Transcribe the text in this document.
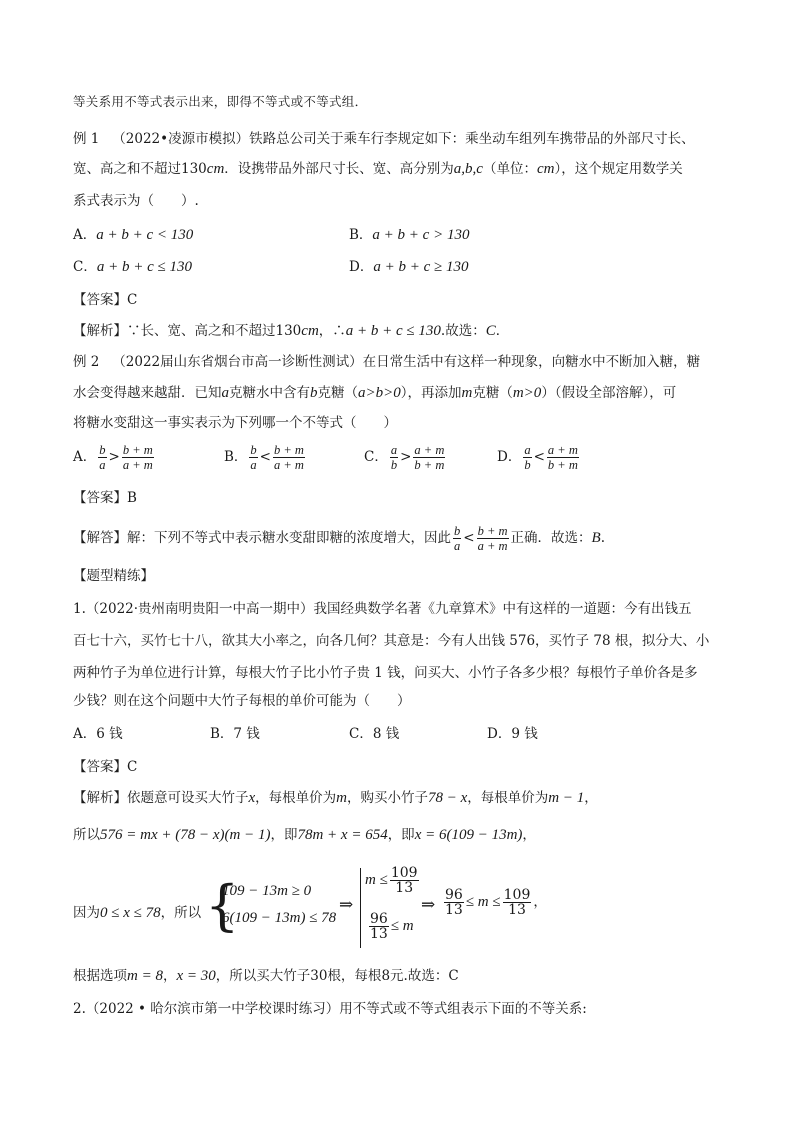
等关系用不等式表示出来，即得不等式或不等式组．
例 1 （2022•凌源市模拟）铁路总公司关于乘车行李规定如下：乘坐动车组列车携带品的外部尺寸长、
宽、高之和不超过130cm．设携带品外部尺寸长、宽、高分别为a,b,c（单位：cm），这个规定用数学关
系式表示为（　　）.
A．a + b + c < 130	B．a + b + c > 130
C．a + b + c ≤ 130	D．a + b + c ≥ 130
【答案】C
【解析】∵长、宽、高之和不超过130cm，∴a + b + c ≤ 130.故选：C．
例 2 （2022届山东省烟台市高一诊断性测试）在日常生活中有这样一种现象，向糖水中不断加入糖，糖
水会变得越来越甜．已知a克糖水中含有b克糖（a>b>0），再添加m克糖（m>0）（假设全部溶解），可
将糖水变甜这一事实表示为下列哪一个不等式（　　）
A． $\frac{b}{a} > \frac{b + m}{a + m}$	B． $\frac{b}{a} < \frac{b + m}{a + m}$	C． $\frac{a}{b} > \frac{a + m}{b + m}$	D． $\frac{a}{b} < \frac{a + m}{b + m}$
【答案】B
【解答】解：下列不等式中表示糖水变甜即糖的浓度增大，因此 $\frac{b}{a} < \frac{b + m}{a + m}$ 正确．故选：B.
【题型精练】
1.（2022·贵州南明贵阳一中高一期中）我国经典数学名著《九章算术》中有这样的一道题：今有出钱五
百七十六，买竹七十八，欲其大小率之，向各几何？其意是：今有人出钱 576，买竹子 78 根，拟分大、小
两种竹子为单位进行计算，每根大竹子比小竹子贵 1 钱，问买大、小竹子各多少根？每根竹子单价各是多
少钱？则在这个问题中大竹子每根的单价可能为（　　）
A．6 钱	B．7 钱	C．8 钱	D．9 钱
【答案】C
【解析】依题意可设买大竹子x，每根单价为m，购买小竹子78 − x，每根单价为m − 1，
所以576 = mx + (78 − x)(m − 1)，即78m + x = 654，即x = 6(109 − 13m)，
因为0 ≤ x ≤ 78，所以 {
109 − 13m ≥ 0
6(109 − 13m) ≤ 78
⇒
$m \le \frac{109}{13}$
$\frac{96}{13} \le m$
⇒ $\frac{96}{13} \le m \le \frac{109}{13}$ ，
根据选项m = 8，x = 30，所以买大竹子30根，每根8元.故选：C
2.（2022 • 哈尔滨市第一中学校课时练习）用不等式或不等式组表示下面的不等关系:
